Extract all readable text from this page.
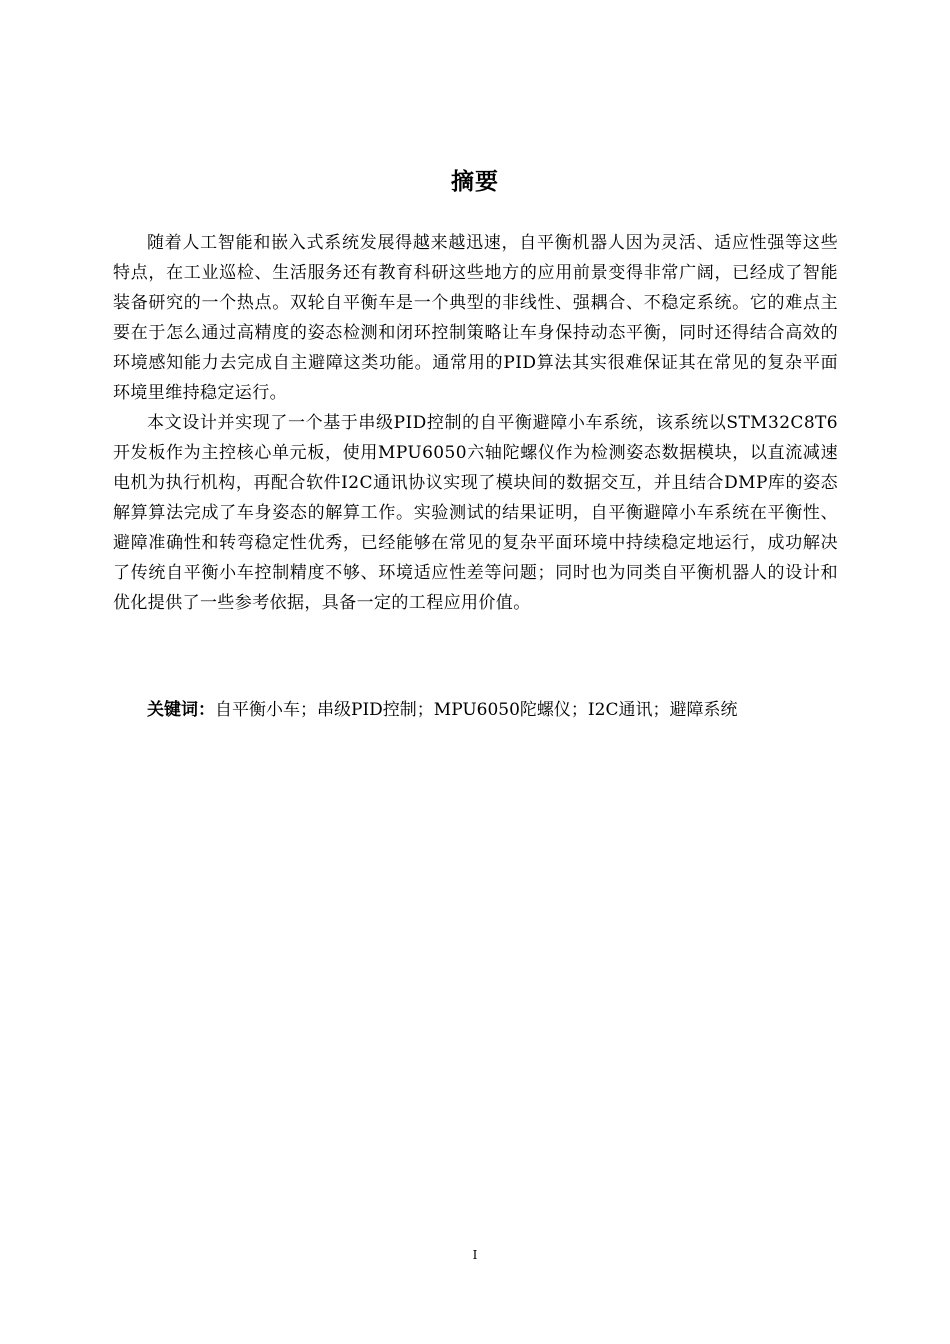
摘要

随着人工智能和嵌入式系统发展得越来越迅速，自平衡机器人因为灵活、适应性强等这些特点，在工业巡检、生活服务还有教育科研这些地方的应用前景变得非常广阔，已经成了智能装备研究的一个热点。双轮自平衡车是一个典型的非线性、强耦合、不稳定系统。它的难点主要在于怎么通过高精度的姿态检测和闭环控制策略让车身保持动态平衡，同时还得结合高效的环境感知能力去完成自主避障这类功能。通常用的PID算法其实很难保证其在常见的复杂平面环境里维持稳定运行。

本文设计并实现了一个基于串级PID控制的自平衡避障小车系统，该系统以STM32C8T6开发板作为主控核心单元板，使用MPU6050六轴陀螺仪作为检测姿态数据模块，以直流减速电机为执行机构，再配合软件I2C通讯协议实现了模块间的数据交互，并且结合DMP库的姿态解算算法完成了车身姿态的解算工作。实验测试的结果证明，自平衡避障小车系统在平衡性、避障准确性和转弯稳定性优秀，已经能够在常见的复杂平面环境中持续稳定地运行，成功解决了传统自平衡小车控制精度不够、环境适应性差等问题；同时也为同类自平衡机器人的设计和优化提供了一些参考依据，具备一定的工程应用价值。

关键词：自平衡小车；串级PID控制；MPU6050陀螺仪；I2C通讯；避障系统
I
